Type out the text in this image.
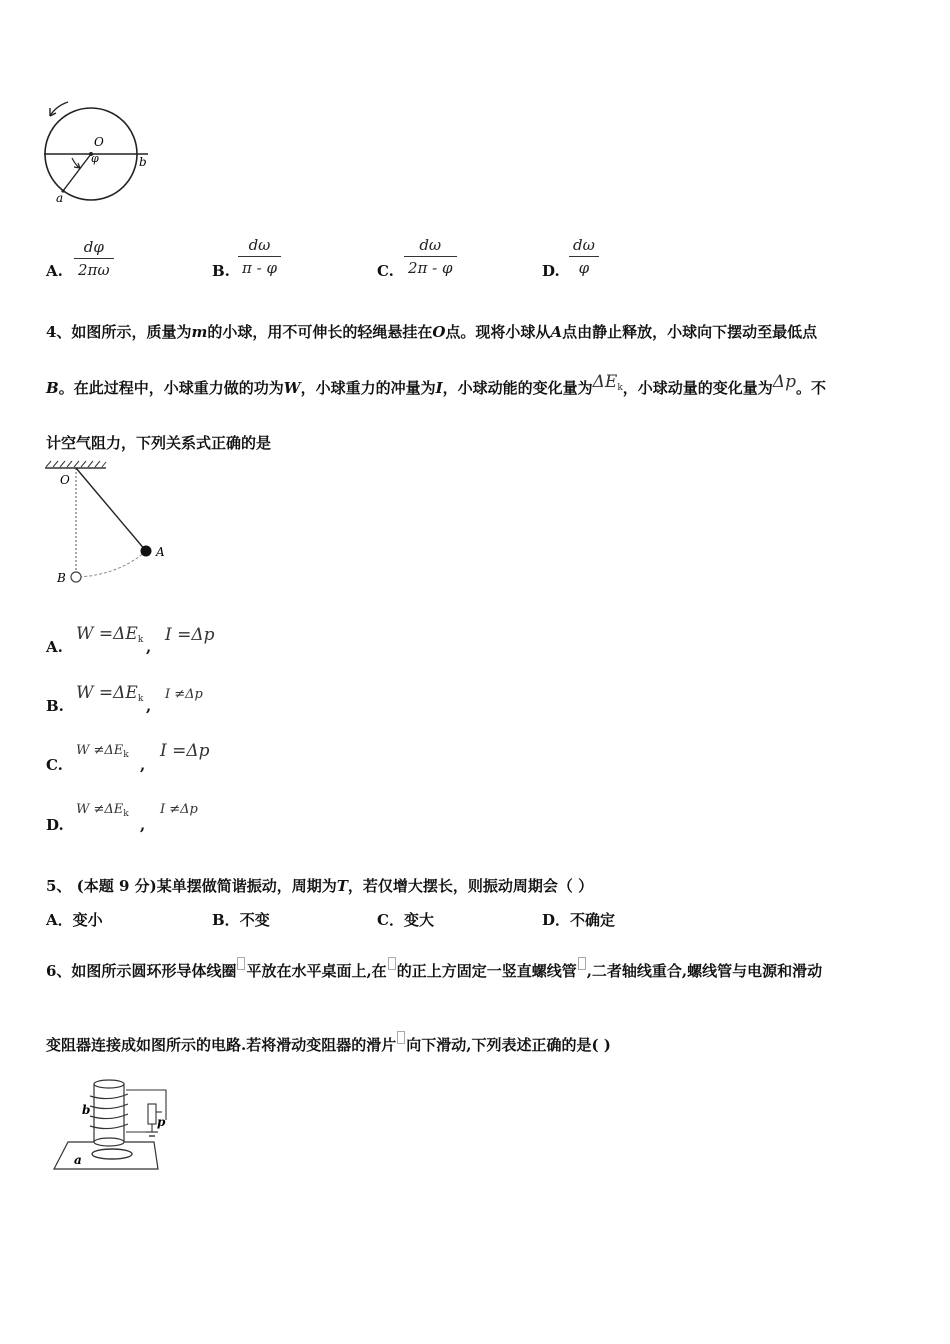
O
φ
a
b
A.
dφ
2πω	B.
dω
π - φ	C.
dω
2π - φ	D.
dω
φ
4、如图所示，质量为m的小球，用不可伸长的轻绳悬挂在O点。现将小球从A点由静止释放，小球向下摆动至最低点
B。在此过程中，小球重力做的功为W，小球重力的冲量为I，小球动能的变化量为$\Delta E_k$，小球动量的变化量为Δp。不
计空气阻力，下列关系式正确的是
O
A
B
A.
$W =\Delta E_k$ ,
I =Δp
B.
$W =\Delta E_k$ ,
I ≠Δp
C.
$W \ne\Delta E_k$
,
I =Δp
D.
$W \ne\Delta E_k$
,
I ≠Δp
5、 (本题 9 分)某单摆做简谐振动，周期为T，若仅增大摆长，则振动周期会（ ）
A．变小	B．不变	C．变大	D．不确定
6、如图所示圆环形导体线圈 平放在水平桌面上,在 的正上方固定一竖直螺线管 ,二者轴线重合,螺线管与电源和滑动
变阻器连接成如图所示的电路.若将滑动变阻器的滑片 向下滑动,下列表述正确的是( )
b
p
a
